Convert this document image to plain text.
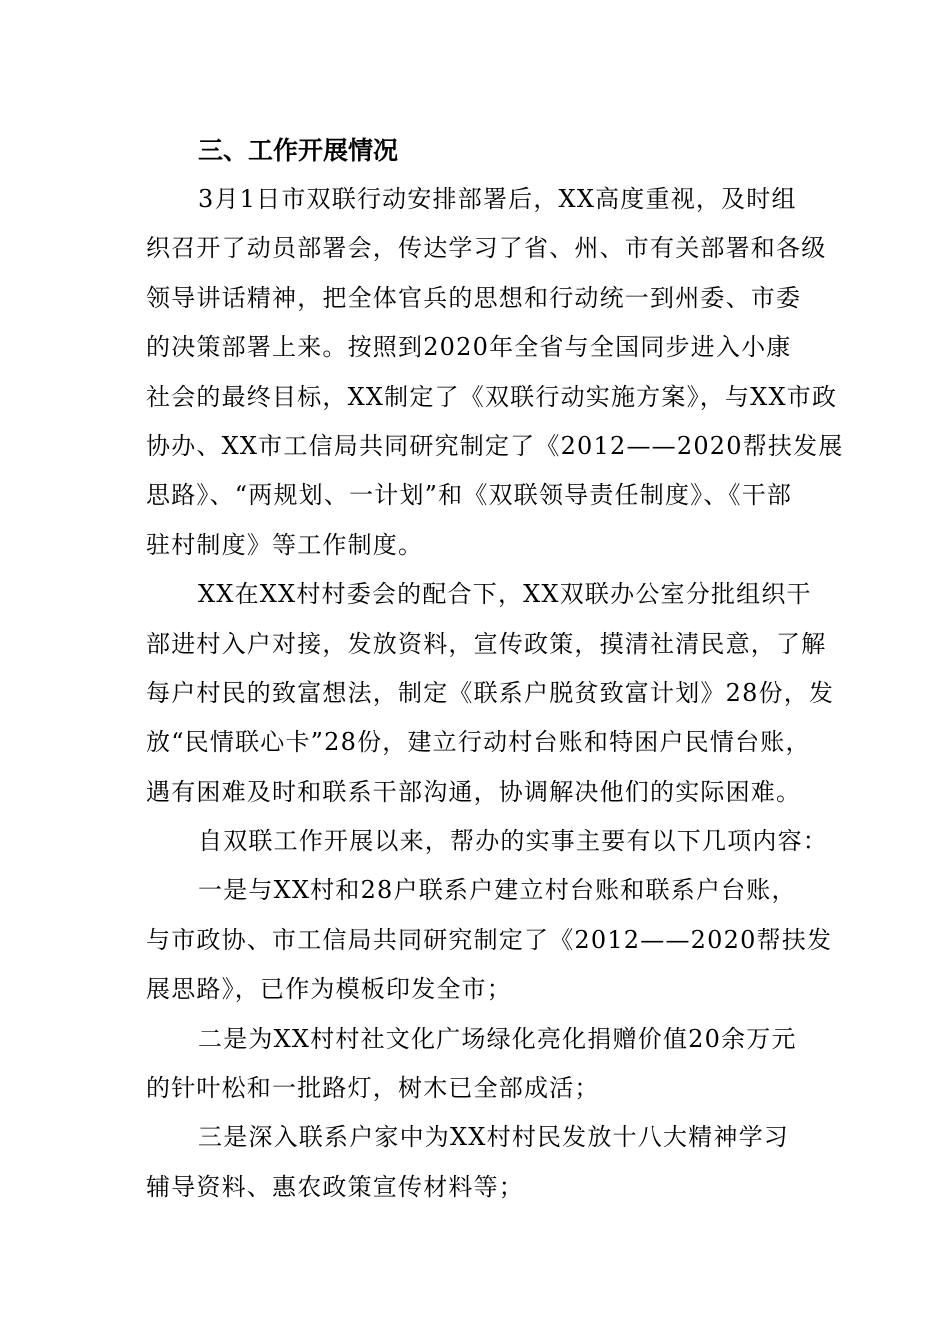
三、工作开展情况

3月1日市双联行动安排部署后，XX高度重视，及时组
织召开了动员部署会，传达学习了省、州、市有关部署和各级
领导讲话精神，把全体官兵的思想和行动统一到州委、市委
的决策部署上来。按照到2020年全省与全国同步进入小康
社会的最终目标，XX制定了《双联行动实施方案》，与XX市政
协办、XX市工信局共同研究制定了《2012——2020帮扶发展
思路》、“两规划、一计划”和《双联领导责任制度》、《干部
驻村制度》等工作制度。

XX在XX村村委会的配合下，XX双联办公室分批组织干
部进村入户对接，发放资料，宣传政策，摸清社清民意，了解
每户村民的致富想法，制定《联系户脱贫致富计划》28份，发
放“民情联心卡”28份，建立行动村台账和特困户民情台账，
遇有困难及时和联系干部沟通，协调解决他们的实际困难。

自双联工作开展以来，帮办的实事主要有以下几项内容：

一是与XX村和28户联系户建立村台账和联系户台账，
与市政协、市工信局共同研究制定了《2012——2020帮扶发
展思路》，已作为模板印发全市；

二是为XX村村社文化广场绿化亮化捐赠价值20余万元
的针叶松和一批路灯，树木已全部成活；

三是深入联系户家中为XX村村民发放十八大精神学习
辅导资料、惠农政策宣传材料等；
